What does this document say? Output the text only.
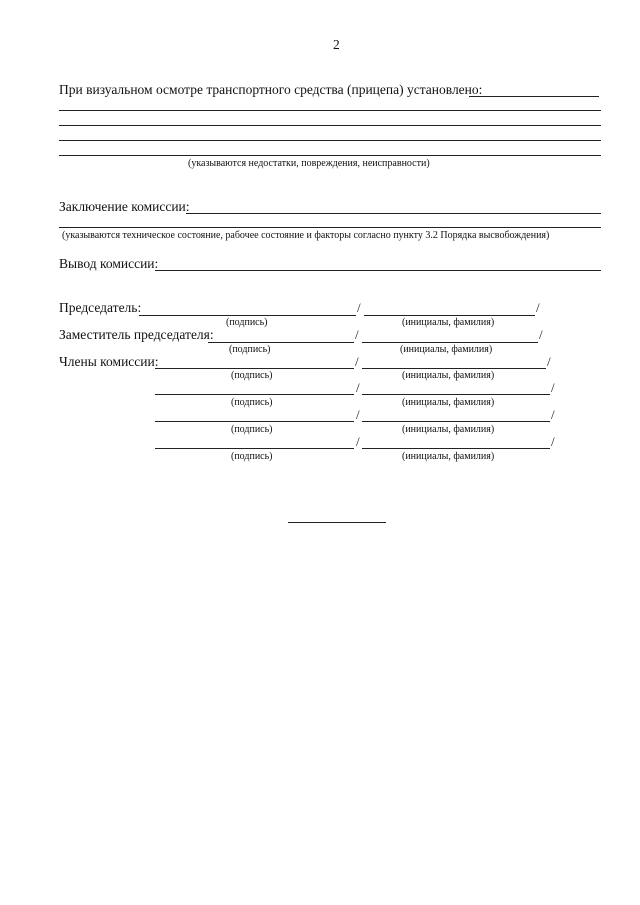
2
При визуальном осмотре транспортного средства (прицепа) установлено:
(указываются недостатки, повреждения, неисправности)
Заключение комиссии:
(указываются техническое состояние, рабочее состояние и факторы согласно пункту 3.2 Порядка высвобождения)
Вывод комиссии:
Председатель:	/	/
(подпись)	(инициалы, фамилия)
Заместитель председателя:	/	/
(подпись)	(инициалы, фамилия)
Члены комиссии:	/	/
(подпись)	(инициалы, фамилия)
/	/
(подпись)	(инициалы, фамилия)
/	/
(подпись)	(инициалы, фамилия)
/	/
(подпись)	(инициалы, фамилия)
